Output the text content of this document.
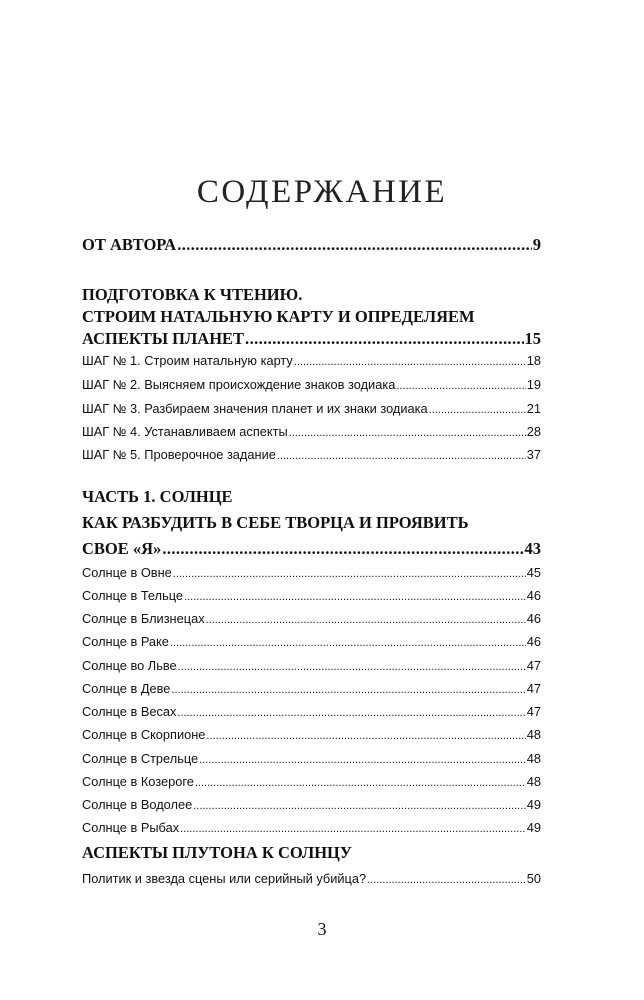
СОДЕРЖАНИЕ
ОТ АВТОРА .....	9
ПОДГОТОВКА К ЧТЕНИЮ.
СТРОИМ НАТАЛЬНУЮ КАРТУ И ОПРЕДЕЛЯЕМ
АСПЕКТЫ ПЛАНЕТ .....	15
ШАГ № 1. Строим натальную карту .....	18
ШАГ № 2. Выясняем происхождение знаков зодиака .....	19
ШАГ № 3. Разбираем значения планет и их знаки зодиака .....	21
ШАГ № 4. Устанавливаем аспекты .....	28
ШАГ № 5. Проверочное задание .....	37
ЧАСТЬ 1. СОЛНЦЕ
КАК РАЗБУДИТЬ В СЕБЕ ТВОРЦА И ПРОЯВИТЬ
СВОЕ «Я» .....	43
Солнце в Овне .....	45
Солнце в Тельце .....	46
Солнце в Близнецах .....	46
Солнце в Раке .....	46
Солнце во Льве .....	47
Солнце в Деве .....	47
Солнце в Весах .....	47
Солнце в Скорпионе .....	48
Солнце в Стрельце .....	48
Солнце в Козероге .....	48
Солнце в Водолее .....	49
Солнце в Рыбах .....	49
АСПЕКТЫ ПЛУТОНА К СОЛНЦУ
Политик и звезда сцены или серийный убийца? .....	50
3
